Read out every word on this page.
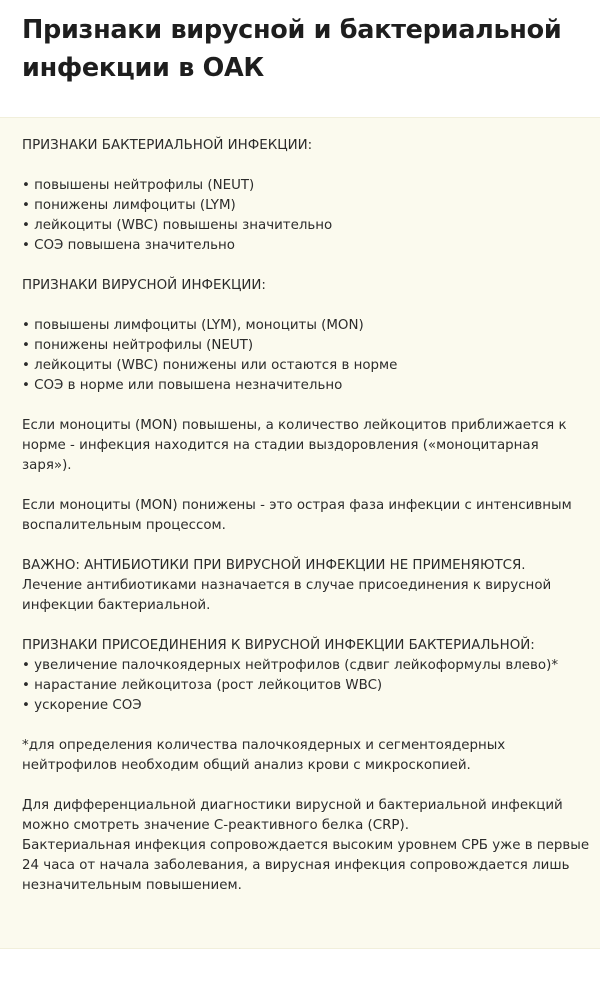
Признаки вирусной и бактериальной инфекции в ОАК

ПРИЗНАКИ БАКТЕРИАЛЬНОЙ ИНФЕКЦИИ:

• повышены нейтрофилы (NEUT)
• понижены лимфоциты (LYM)
• лейкоциты (WBC) повышены значительно
• СОЭ повышена значительно

ПРИЗНАКИ ВИРУСНОЙ ИНФЕКЦИИ:

• повышены лимфоциты (LYM), моноциты (MON)
• понижены нейтрофилы (NEUT)
• лейкоциты (WBC) понижены или остаются в норме
• СОЭ в норме или повышена незначительно

Если моноциты (MON) повышены, а количество лейкоцитов приближается к норме - инфекция находится на стадии выздоровления («моноцитарная заря»).

Если моноциты (MON) понижены - это острая фаза инфекции с интенсивным воспалительным процессом.

ВАЖНО: АНТИБИОТИКИ ПРИ ВИРУСНОЙ ИНФЕКЦИИ НЕ ПРИМЕНЯЮТСЯ.

Лечение антибиотиками назначается в случае присоединения к вирусной инфекции бактериальной.

ПРИЗНАКИ ПРИСОЕДИНЕНИЯ К ВИРУСНОЙ ИНФЕКЦИИ БАКТЕРИАЛЬНОЙ:

• увеличение палочкоядерных нейтрофилов (сдвиг лейкоформулы влево)*
• нарастание лейкоцитоза (рост лейкоцитов WBC)
• ускорение СОЭ

*для определения количества палочкоядерных и сегментоядерных нейтрофилов необходим общий анализ крови с микроскопией.

Для дифференциальной диагностики вирусной и бактериальной инфекций можно смотреть значение С-реактивного белка (CRP).

Бактериальная инфекция сопровождается высоким уровнем СРБ уже в первые 24 часа от начала заболевания, а вирусная инфекция сопровождается лишь незначительным повышением.
